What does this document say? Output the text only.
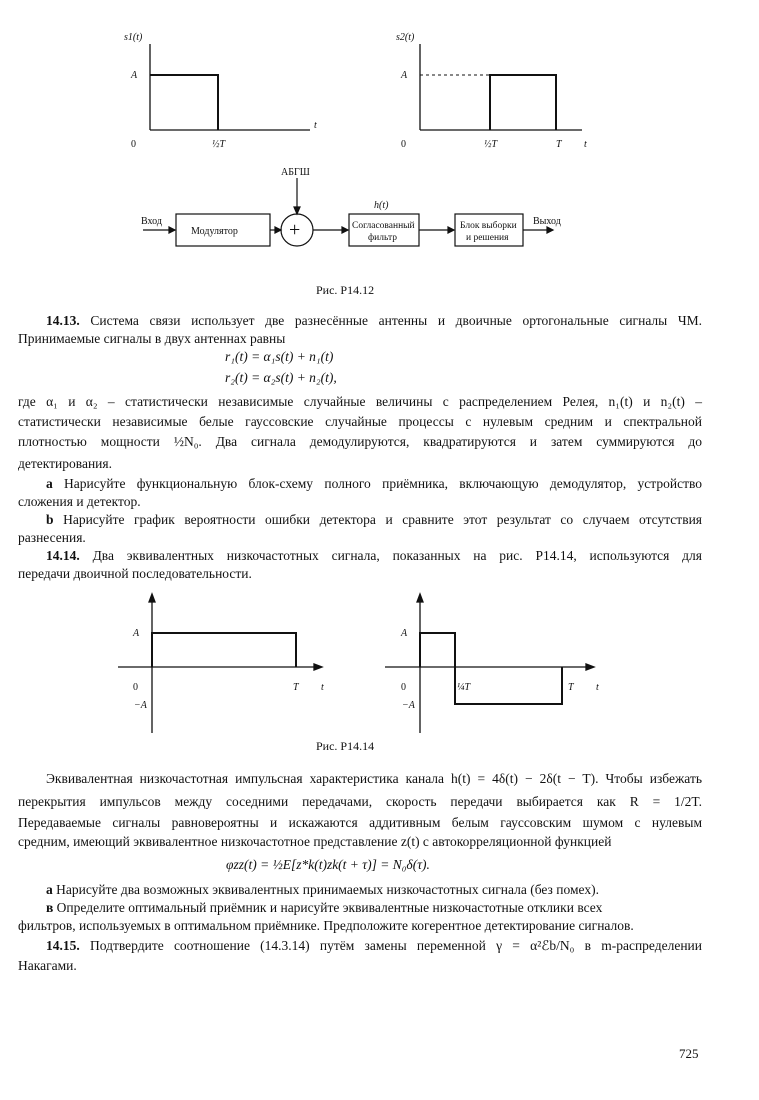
s1(t)	s2(t)
A	A
0	0
½T	½T	T
t
t
+
АБГШ
h(t)
Вход
Модулятор	Согласованный
фильтр
Блок выборки
и решения
Выход
Рис. P14.12
14.13. Система связи использует две разнесённые антенны и двоичные ортогональные сигналы ЧМ.
Принимаемые сигналы в двух антеннах равны
r₁(t) = α₁s(t) + n₁(t)
r₂(t) = α₂s(t) + n₂(t),
где α₁ и α₂ – статистически независимые случайные величины с распределением Релея, n₁(t) и n₂(t) –
статистически независимые белые гауссовские случайные процессы с нулевым средним и спектральной
плотностью мощности ½N₀. Два сигнала демодулируются, квадратируются и затем суммируются до
детектирования.
а Нарисуйте функциональную блок-схему полного приёмника, включающую демодулятор, устройство
сложения и детектор.
b Нарисуйте график вероятности ошибки детектора и сравните этот результат со случаем отсутствия
разнесения.
14.14. Два эквивалентных низкочастотных сигнала, показанных на рис. P14.14, используются для
передачи двоичной последовательности.
A
0
−A
T t
A
0
−A
¼T	T t
Рис. P14.14
Эквивалентная низкочастотная импульсная характеристика канала h(t) = 4δ(t) − 2δ(t − T). Чтобы избежать
перекрытия импульсов между соседними передачами, скорость передачи выбирается как R = 1/2T.
Передаваемые сигналы равновероятны и искажаются аддитивным белым гауссовским шумом с нулевым
средним, имеющий эквивалентное низкочастотное представление z(t) с автокорреляционной функцией
φzz(t) = ½E[z*k(t)zk(t + τ)] = N₀δ(τ).
а Нарисуйте два возможных эквивалентных принимаемых низкочастотных сигнала (без помех).
в Определите оптимальный приёмник и нарисуйте эквивалентные низкочастотные отклики всех
фильтров, используемых в оптимальном приёмнике. Предположите когерентное детектирование сигналов.
14.15. Подтвердите соотношение (14.3.14) путём замены переменной γ = α²ℰb/N₀ в m-распределении
Накагами.
725
